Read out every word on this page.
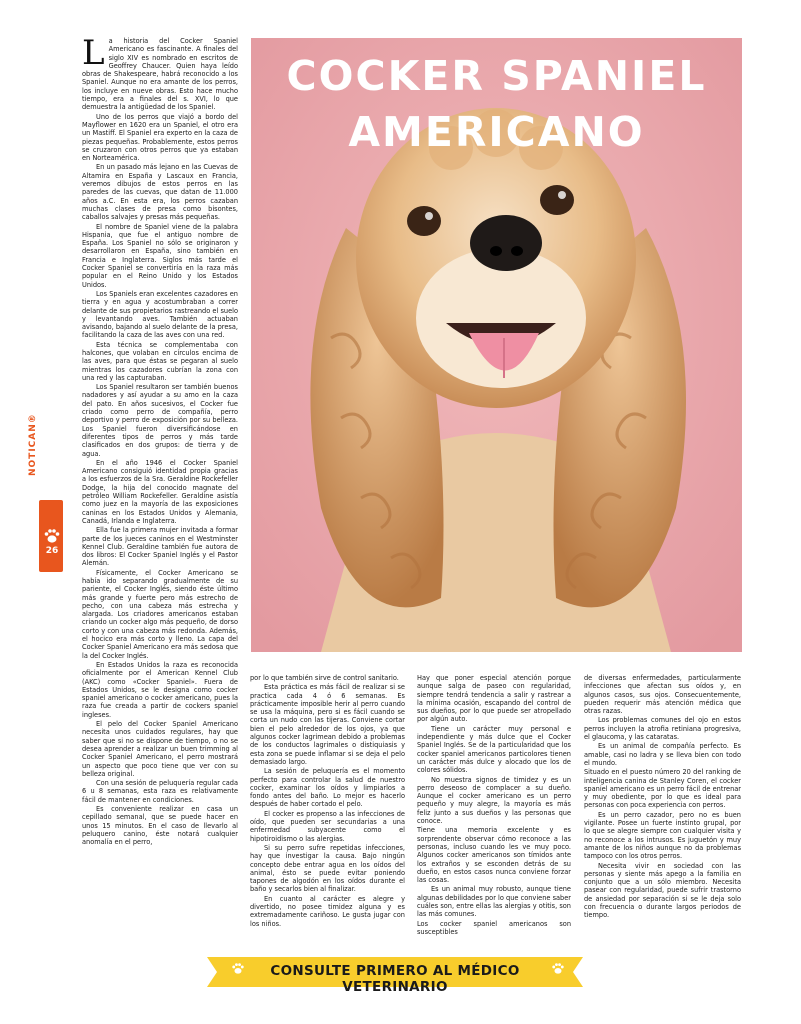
La historia del Cocker Spaniel Americano es fascinante. A finales del siglo XIV es nombrado en escritos de Geoffrey Chaucer. Quien haya leído obras de Shakespeare, habrá reconocido a los Spaniel. Aunque no era amante de los perros, los incluye en nueve obras. Esto hace mucho tiempo, era a finales del s. XVI, lo que demuestra la antigüedad de los Spaniel.

Uno de los perros que viajó a bordo del Mayflower en 1620 era un Spaniel, el otro era un Mastiff. El Spaniel era experto en la caza de piezas pequeñas. Probablemente, estos perros se cruzaron con otros perros que ya estaban en Norteamérica.

En un pasado más lejano en las Cuevas de Altamira en España y Lascaux en Francia, veremos dibujos de estos perros en las paredes de las cuevas, que datan de 11.000 años a.C. En esta era, los perros cazaban muchas clases de presa como bisontes, caballos salvajes y presas más pequeñas.

El nombre de Spaniel viene de la palabra Hispania, que fue el antiguo nombre de España. Los Spaniel no sólo se originaron y desarrollaron en España, sino también en Francia e Inglaterra. Siglos más tarde el Cocker Spaniel se convertiría en la raza más popular en el Reino Unido y los Estados Unidos.

Los Spaniels eran excelentes cazadores en tierra y en agua y acostumbraban a correr delante de sus propietarios rastreando el suelo y levantando aves. También actuaban avisando, bajando al suelo delante de la presa, facilitando la caza de las aves con una red.

Esta técnica se complementaba con halcones, que volaban en círculos encima de las aves, para que éstas se pegaran al suelo mientras los cazadores cubrían la zona con una red y las capturaban.

Los Spaniel resultaron ser también buenos nadadores y así ayudar a su amo en la caza del pato. En años sucesivos, el Cocker fue criado como perro de compañía, perro deportivo y perro de exposición por su belleza. Los Spaniel fueron diversificándose en diferentes tipos de perros y más tarde clasificados en dos grupos: de tierra y de agua.

En el año 1946 el Cocker Spaniel Americano consiguió identidad propia gracias a los esfuerzos de la Sra. Geraldine Rockefeller Dodge, la hija del conocido magnate del petróleo William Rockefeller. Geraldine asistía como juez en la mayoría de las exposiciones caninas en los Estados Unidos y Alemania, Canadá, Irlanda e Inglaterra.

Ella fue la primera mujer invitada a formar parte de los jueces caninos en el Westminster Kennel Club. Geraldine también fue autora de dos libros: El Cocker Spaniel Inglés y el Pastor Alemán.

Físicamente, el Cocker Americano se había ido separando gradualmente de su pariente, el Cocker Inglés, siendo éste último más grande y fuerte pero más estrecho de pecho, con una cabeza más estrecha y alargada. Los criadores americanos estaban criando un cocker algo más pequeño, de dorso corto y con una cabeza más redonda. Además, el hocico era más corto y lleno. La capa del Cocker Spaniel Americano era más sedosa que la del Cocker Inglés.

En Estados Unidos la raza es reconocida oficialmente por el American Kennel Club (AKC) como «Cocker Spaniel». Fuera de Estados Unidos, se le designa como cocker spaniel americano o cocker americano, pues la raza fue creada a partir de cockers spaniel ingleses.

El pelo del Cocker Spaniel Americano necesita unos cuidados regulares, hay que saber que si no se dispone de tiempo, o no se desea aprender a realizar un buen trimming al Cocker Spaniel Americano, el perro mostrará un aspecto que poco tiene que ver con su belleza original.

Con una sesión de peluquería regular cada 6 u 8 semanas, esta raza es relativamente fácil de mantener en condiciones.

Es conveniente realizar en casa un cepillado semanal, que se puede hacer en unos 15 minutos. En el caso de llevarlo al peluquero canino, éste notará cualquier anomalía en el perro,

COCKER SPANIEL
AMERICANO
NOTICAN®
26

por lo que también sirve de control sanitario.

Esta práctica es más fácil de realizar si se practica cada 4 ó 6 semanas. Es prácticamente imposible herir al perro cuando se usa la máquina, pero si es fácil cuando se corta un nudo con las tijeras. Conviene cortar bien el pelo alrededor de los ojos, ya que algunos cocker lagrimean debido a problemas de los conductos lagrimales o distiquiasis y esta zona se puede inflamar si se deja el pelo demasiado largo.

La sesión de peluquería es el momento perfecto para controlar la salud de nuestro cocker, examinar los oídos y limpiarlos a fondo antes del baño. Lo mejor es hacerlo después de haber cortado el pelo.

El cocker es propenso a las infecciones de oído, que pueden ser secundarias a una enfermedad subyacente como el hipotiroidismo o las alergias.

Si su perro sufre repetidas infecciones, hay que investigar la causa. Bajo ningún concepto debe entrar agua en los oídos del animal, ésto se puede evitar poniendo tapones de algodón en los oídos durante el baño y secarlos bien al finalizar.

En cuanto al carácter es alegre y divertido, no posee timidez alguna y es extremadamente cariñoso. Le gusta jugar con los niños.

Hay que poner especial atención porque aunque salga de paseo con regularidad, siempre tendrá tendencia a salir y rastrear a la mínima ocasión, escapando del control de sus dueños, por lo que puede ser atropellado por algún auto.

Tiene un carácter muy personal e independiente y más dulce que el Cocker Spaniel Inglés. Se de la particularidad que los cocker spaniel americanos particolores tienen un carácter más dulce y alocado que los de colores sólidos.

No muestra signos de timidez y es un perro deseoso de complacer a su dueño. Aunque el cocker americano es un perro pequeño y muy alegre, la mayoría es más feliz junto a sus dueños y las personas que conoce.

Tiene una memoria excelente y es sorprendente observar cómo reconoce a las personas, incluso cuando les ve muy poco. Algunos cocker americanos son tímidos ante los extraños y se esconden detrás de su dueño, en estos casos nunca conviene forzar las cosas.

Es un animal muy robusto, aunque tiene algunas debilidades por lo que conviene saber cuáles son, entre ellas las alergias y otitis, son las más comunes.

Los cocker spaniel americanos son susceptibles

de diversas enfermedades, particularmente infecciones que afectan sus oídos y, en algunos casos, sus ojos. Consecuentemente, pueden requerir más atención médica que otras razas.

Los problemas comunes del ojo en estos perros incluyen la atrofia retiniana progresiva, el glaucoma, y las cataratas.

Es un animal de compañía perfecto. Es amable, casi no ladra y se lleva bien con todo el mundo.

Situado en el puesto número 20 del ranking de inteligencia canina de Stanley Coren, el cocker spaniel americano es un perro fácil de entrenar y muy obediente, por lo que es ideal para personas con poca experiencia con perros.

Es un perro cazador, pero no es buen vigilante. Posee un fuerte instinto grupal, por lo que se alegre siempre con cualquier visita y no reconoce a los intrusos. Es juguetón y muy amante de los niños aunque no da problemas tampoco con los otros perros.

Necesita vivir en sociedad con las personas y siente más apego a la familia en conjunto que a un sólo miembro. Necesita pasear con regularidad, puede sufrir trastorno de ansiedad por separación si se le deja solo con frecuencia o durante largos periodos de tiempo.

CONSULTE PRIMERO AL MÉDICO VETERINARIO
